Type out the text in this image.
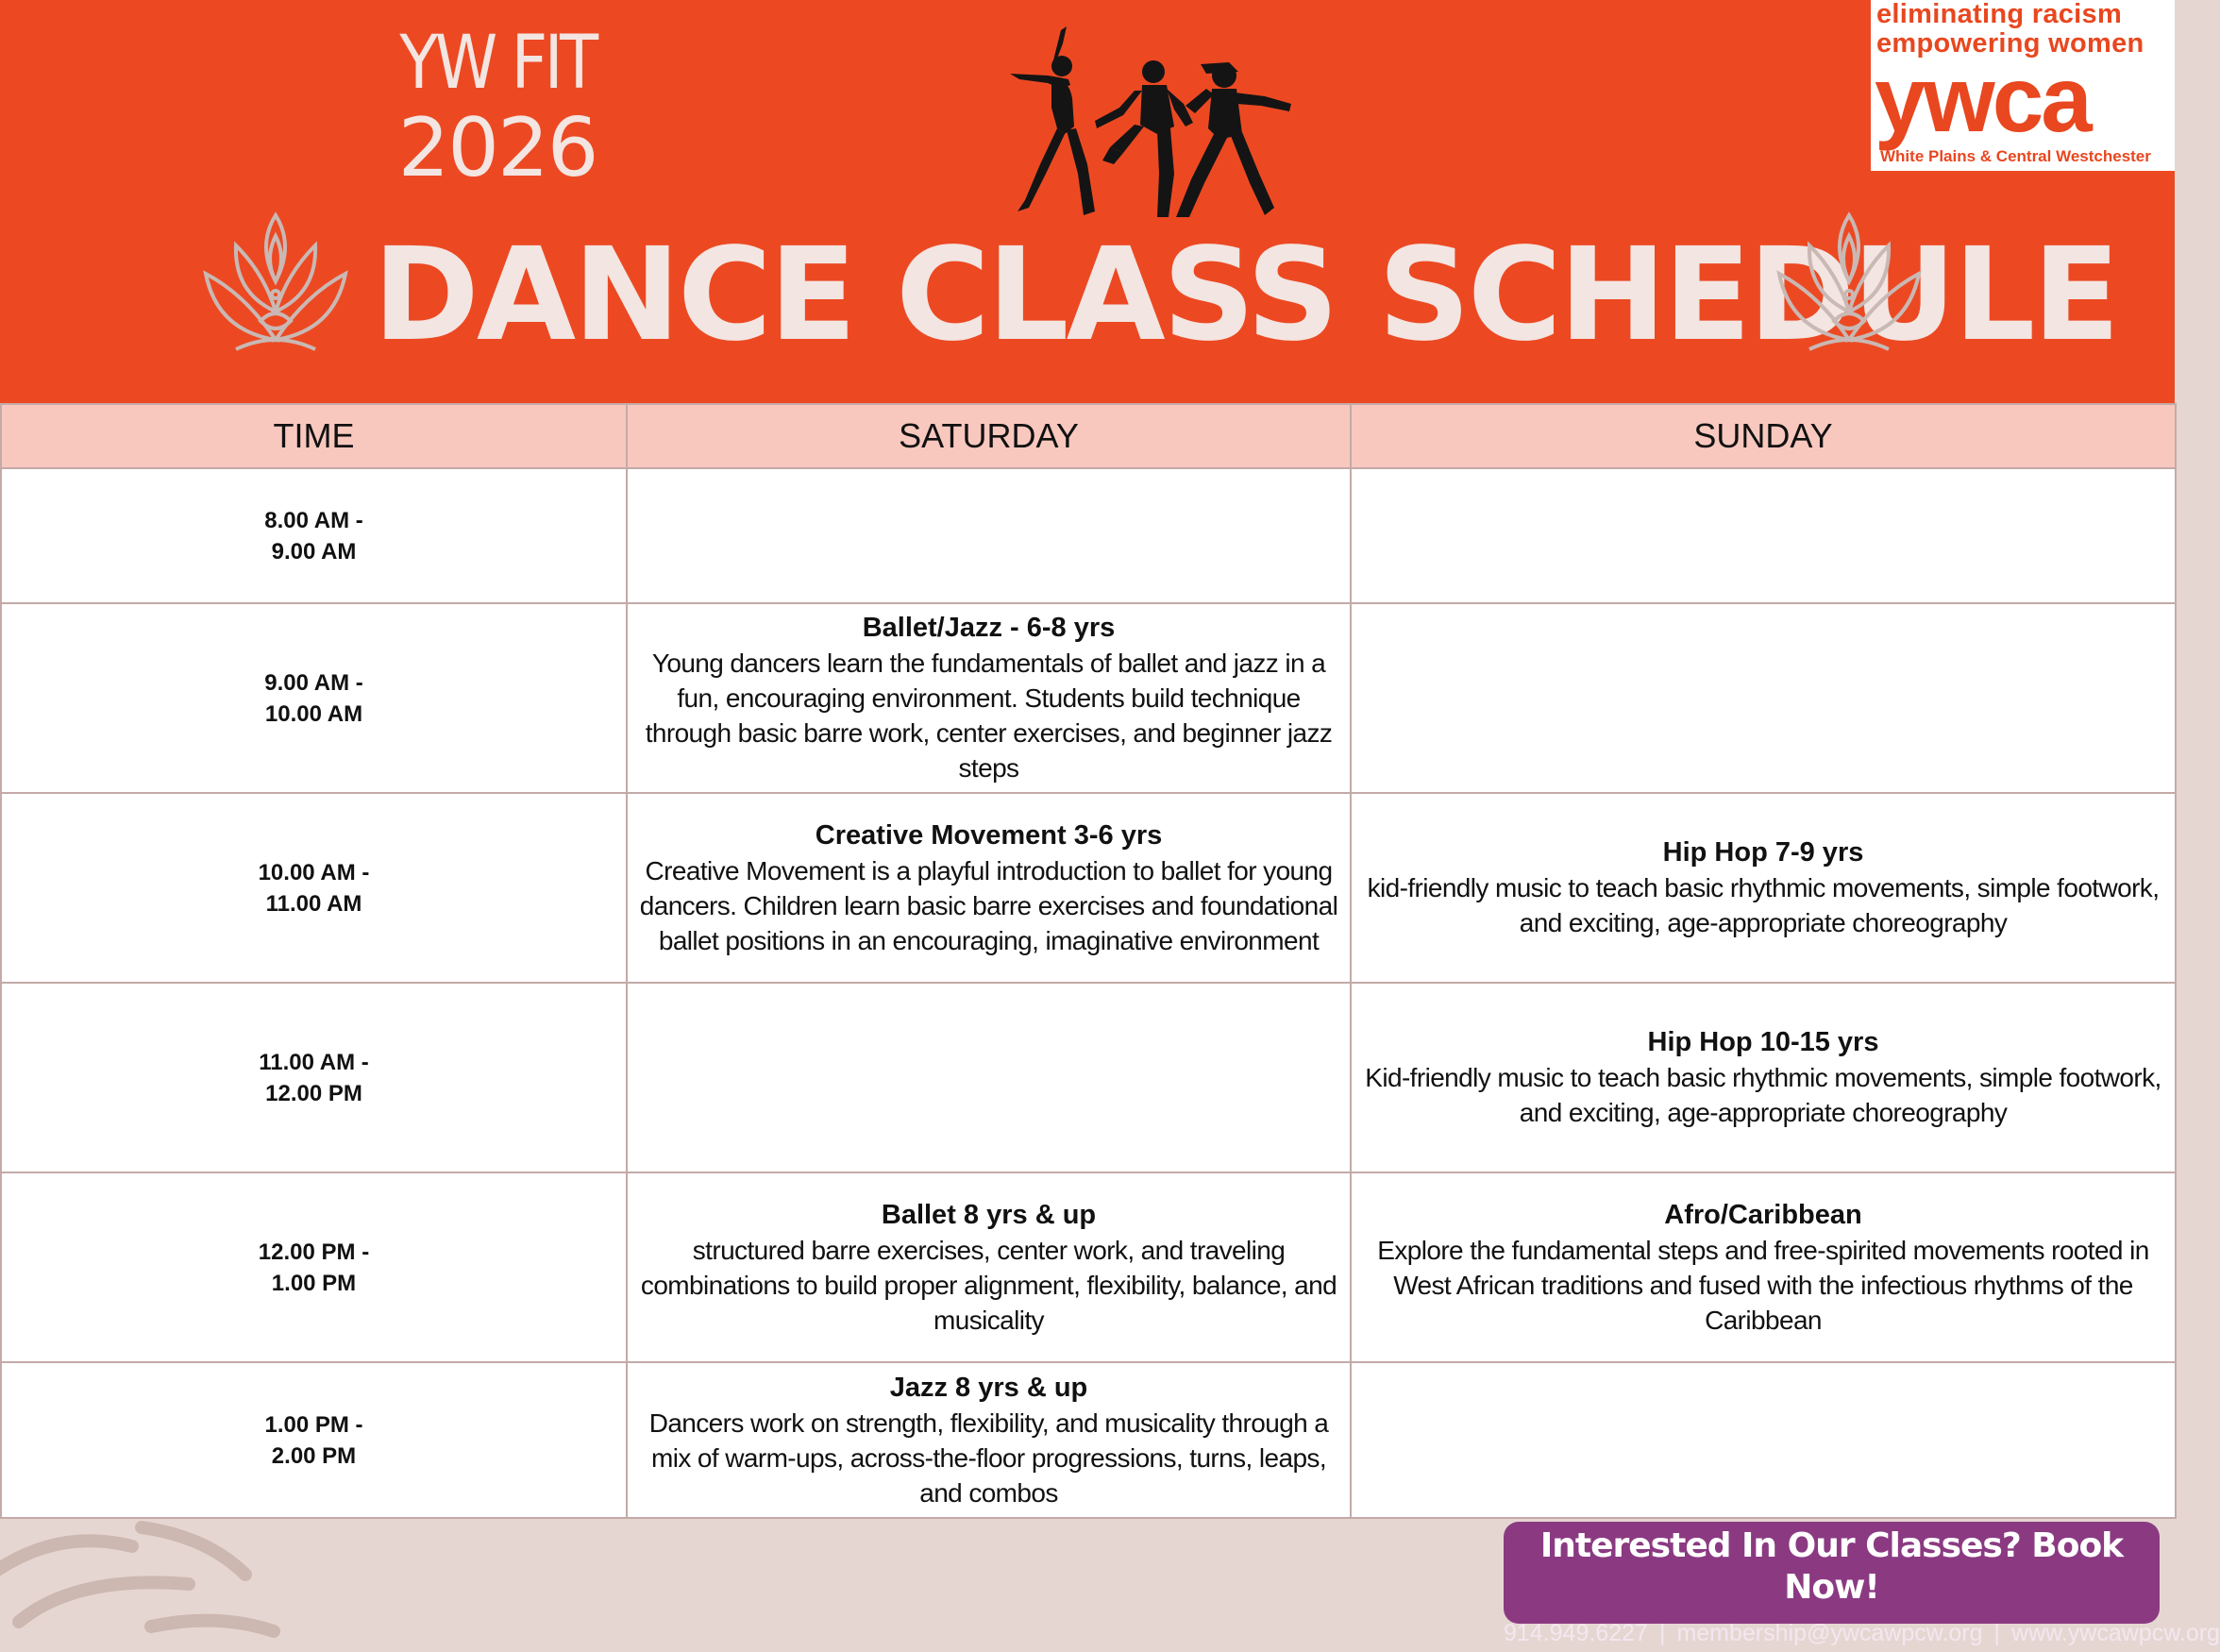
YW FIT
2026
DANCE CLASS SCHEDULE
eliminating racism
empowering women
ywca
White Plains & Central Westchester
TIME	SATURDAY	SUNDAY

8.00 AM -
9.00 AM		

9.00 AM -
10.00 AM	Ballet/Jazz - 6-8 yrs
Young dancers learn the fundamentals of ballet and jazz in a fun, encouraging environment. Students build technique through basic barre work, center exercises, and beginner jazz steps	

10.00 AM -
11.00 AM	Creative Movement 3-6 yrs
Creative Movement is a playful introduction to ballet for young dancers. Children learn basic barre exercises and foundational ballet positions in an encouraging, imaginative environment	Hip Hop 7-9 yrs
kid-friendly music to teach basic rhythmic movements, simple footwork, and exciting, age-appropriate choreography

11.00 AM -
12.00 PM		Hip Hop 10-15 yrs
Kid-friendly music to teach basic rhythmic movements, simple footwork, and exciting, age-appropriate choreography

12.00 PM -
1.00 PM	Ballet 8 yrs & up
structured barre exercises, center work, and traveling combinations to build proper alignment, flexibility, balance, and musicality	Afro/Caribbean
Explore the fundamental steps and free-spirited movements rooted in West African traditions and fused with the infectious rhythms of the Caribbean

1.00 PM -
2.00 PM	Jazz 8 yrs & up
Dancers work on strength, flexibility, and musicality through a mix of warm-ups, across-the-floor progressions, turns, leaps, and combos	

Interested In Our Classes? Book Now!
914.949.6227 | membership@ywcawpcw.org | www.ywcawpcw.org
